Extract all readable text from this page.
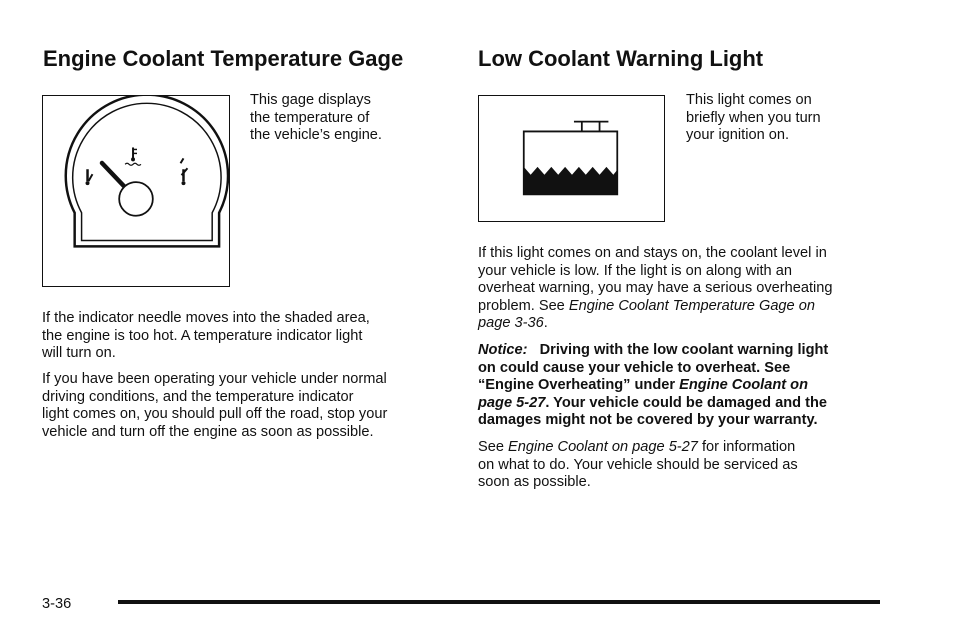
Engine Coolant Temperature Gage

This gage displays

the temperature of

the vehicle’s engine.

If the indicator needle moves into the shaded area,

the engine is too hot. A temperature indicator light

will turn on.

If you have been operating your vehicle under normal

driving conditions, and the temperature indicator

light comes on, you should pull off the road, stop your

vehicle and turn off the engine as soon as possible.

Low Coolant Warning Light

This light comes on

briefly when you turn

your ignition on.

If this light comes on and stays on, the coolant level in

your vehicle is low. If the light is on along with an

overheat warning, you may have a serious overheating

problem. See Engine Coolant Temperature Gage on

page 3-36.

Notice: Driving with the low coolant warning light

on could cause your vehicle to overheat. See

“Engine Overheating” under Engine Coolant on

page 5-27. Your vehicle could be damaged and the

damages might not be covered by your warranty.

See Engine Coolant on page 5-27 for information

on what to do. Your vehicle should be serviced as

soon as possible.

3-36
